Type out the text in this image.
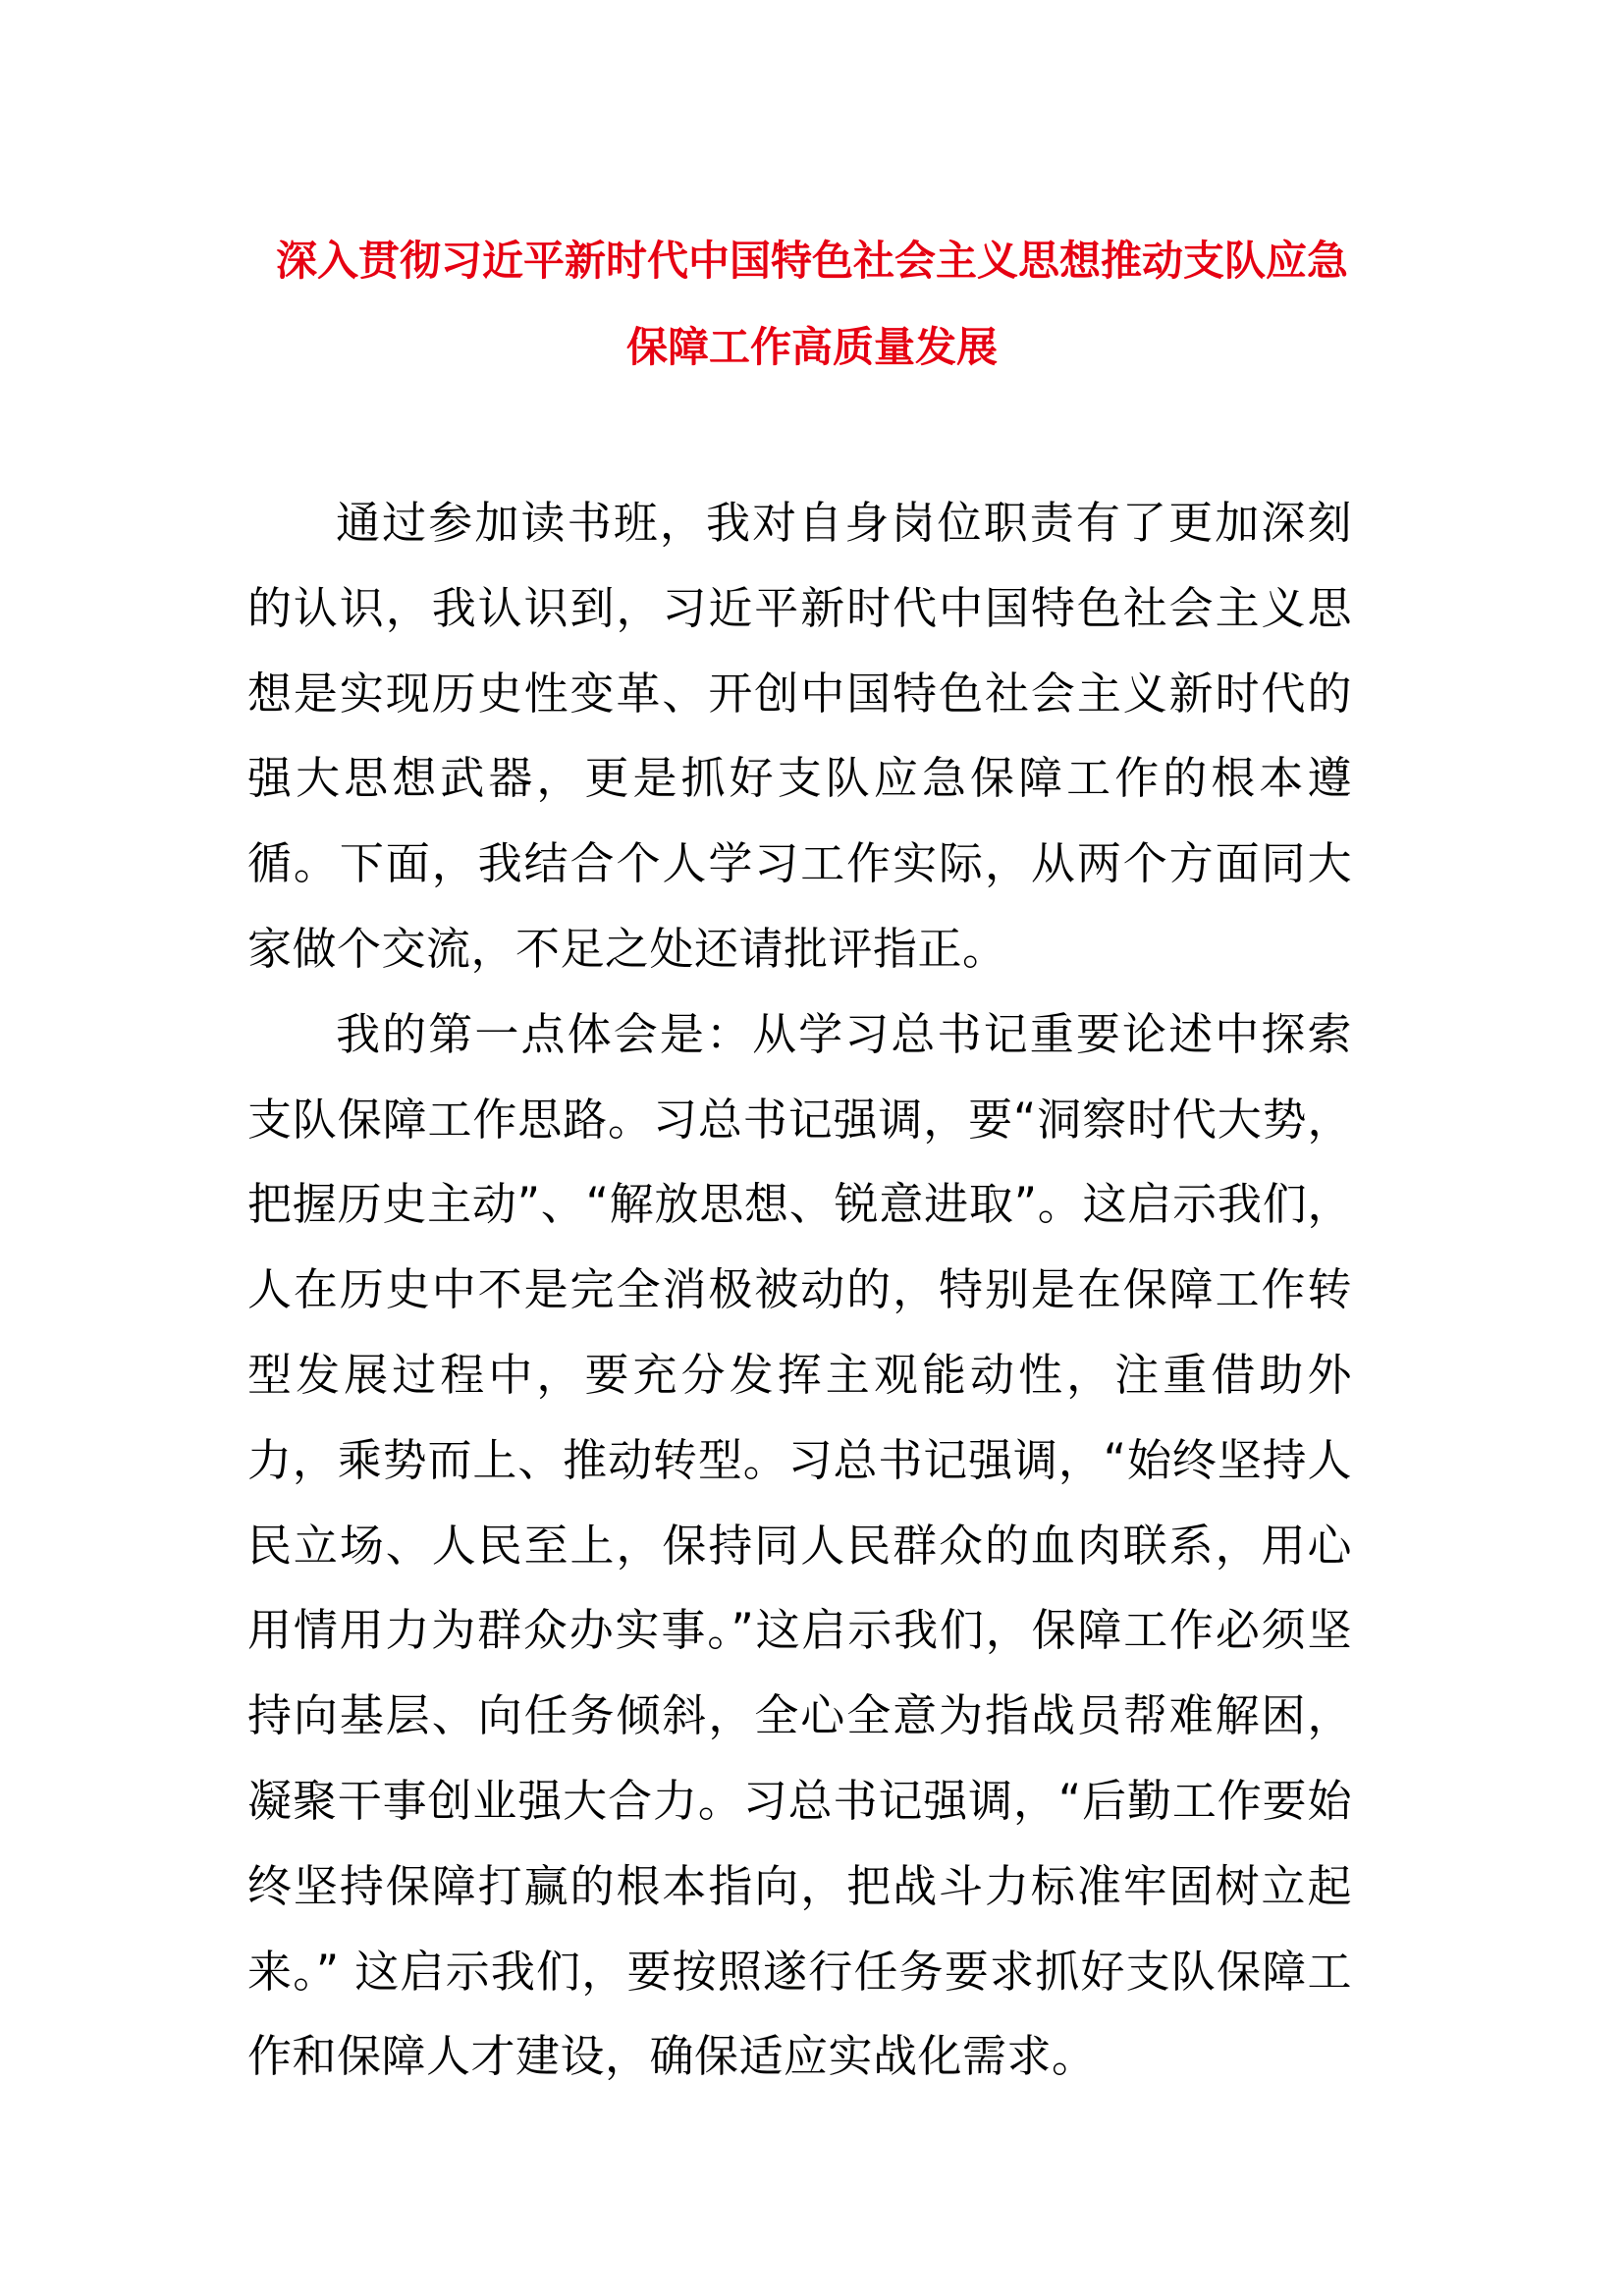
深入贯彻习近平新时代中国特色社会主义思想推动支队应急
保障工作高质量发展

通过参加读书班，我对自身岗位职责有了更加深刻的认识，我认识到，习近平新时代中国特色社会主义思想是实现历史性变革、开创中国特色社会主义新时代的强大思想武器，更是抓好支队应急保障工作的根本遵循。下面，我结合个人学习工作实际，从两个方面同大家做个交流，不足之处还请批评指正。

我的第一点体会是：从学习总书记重要论述中探索支队保障工作思路。习总书记强调，要“洞察时代大势，把握历史主动”、“解放思想、锐意进取”。这启示我们，人在历史中不是完全消极被动的，特别是在保障工作转型发展过程中，要充分发挥主观能动性，注重借助外力，乘势而上、推动转型。习总书记强调，“始终坚持人民立场、人民至上，保持同人民群众的血肉联系，用心用情用力为群众办实事。”这启示我们，保障工作必须坚持向基层、向任务倾斜，全心全意为指战员帮难解困，凝聚干事创业强大合力。习总书记强调，“后勤工作要始终坚持保障打赢的根本指向，把战斗力标准牢固树立起来。” 这启示我们，要按照遂行任务要求抓好支队保障工作和保障人才建设，确保适应实战化需求。
